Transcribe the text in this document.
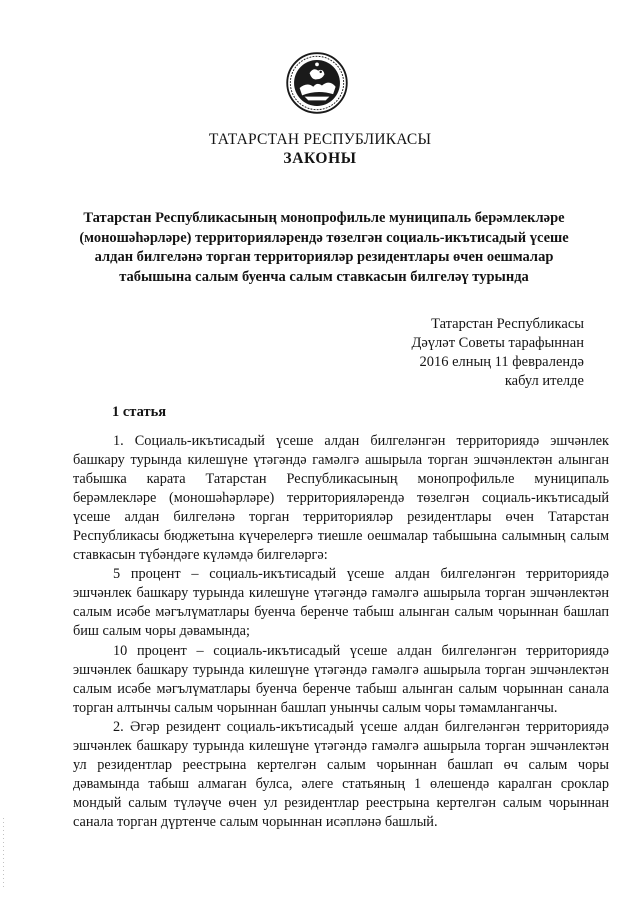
ТАТАРСТАН РЕСПУБЛИКАСЫ
ЗАКОНЫ

Татарстан Республикасының монопрофильле муниципаль берәмлекләре (моношәһәрләре) территорияләрендә төзелгән социаль-икътисадый үсеше алдан билгеләнә торган территорияләр резидентлары өчен оешмалар табышына салым буенча салым ставкасын билгеләү турында

Татарстан Республикасы
Дәүләт Советы тарафыннан
2016 елның 11 февралендә
кабул ителде
1 статья

1. Социаль-икътисадый үсеше алдан билгеләнгән территориядә эшчәнлек башкару турында килешүне үтәгәндә гамәлгә ашырыла торган эшчәнлектән алынган табышка карата Татарстан Республикасының монопрофильле муниципаль берәмлекләре (моношәһәрләре) территорияләрендә төзелгән социаль-икътисадый үсеше алдан билгеләнә торган территорияләр резидентлары өчен Татарстан Республикасы бюджетына күчерелергә тиешле оешмалар табышына салымның салым ставкасын түбәндәге күләмдә билгеләргә:

5 процент – социаль-икътисадый үсеше алдан билгеләнгән территориядә эшчәнлек башкару турында килешүне үтәгәндә гамәлгә ашырыла торган эшчәнлектән салым исәбе мәгълүматлары буенча беренче табыш алынган салым чорыннан башлап биш салым чоры дәвамында;

10 процент – социаль-икътисадый үсеше алдан билгеләнгән территориядә эшчәнлек башкару турында килешүне үтәгәндә гамәлгә ашырыла торган эшчәнлектән салым исәбе мәгълүматлары буенча беренче табыш алынган салым чорыннан санала торган алтынчы салым чорыннан башлап унынчы салым чоры тәмамланганчы.

2. Әгәр резидент социаль-икътисадый үсеше алдан билгеләнгән территориядә эшчәнлек башкару турында килешүне үтәгәндә гамәлгә ашырыла торган эшчәнлектән ул резидентлар реестрына кертелгән салым чорыннан башлап өч салым чоры дәвамында табыш алмаган булса, әлеге статьяның 1 өлешендә каралган сроклар мондый салым түләүче өчен ул резидентлар реестрына кертелгән салым чорыннан санала торган дүртенче салым чорыннан исәпләнә башлый.
